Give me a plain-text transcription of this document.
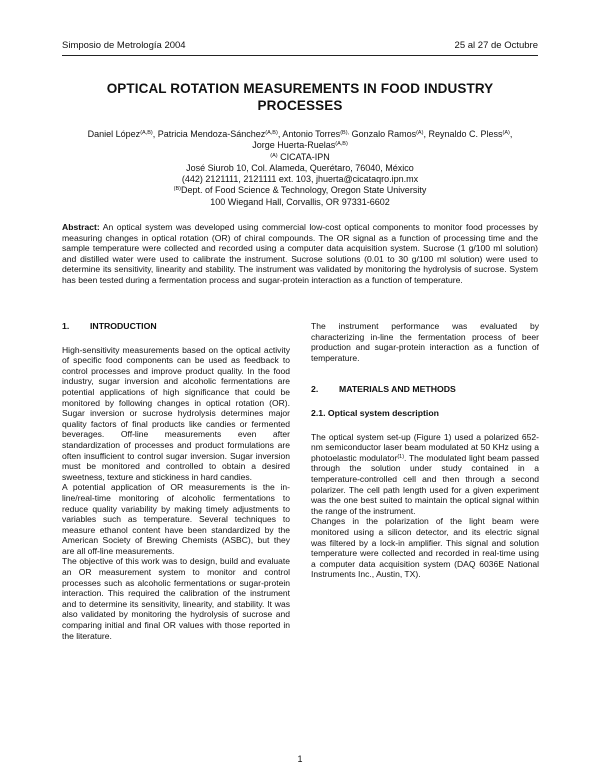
Simposio de Metrología 2004	25 al 27 de Octubre
OPTICAL ROTATION MEASUREMENTS IN FOOD INDUSTRY
PROCESSES
Daniel López$^{(A,B)}$, Patricia Mendoza-Sánchez$^{(A,B)}$, Antonio Torres$^{(B),}$ Gonzalo Ramos$^{(A)}$, Reynaldo C. Pless$^{(A)}$,
Jorge Huerta-Ruelas$^{(A,B)}$
$^{(A)}$ CICATA-IPN
José Siurob 10, Col. Alameda, Querétaro, 76040, México
(442) 2121111, 2121111 ext. 103, jhuerta@cicataqro.ipn.mx
$^{(B)}$Dept. of Food Science & Technology, Oregon State University
100 Wiegand Hall, Corvallis, OR 97331-6602
Abstract: An optical system was developed using commercial low-cost optical components to monitor food processes by measuring changes in optical rotation (OR) of chiral compounds. The OR signal as a function of processing time and the sample temperature were collected and recorded using a computer data acquisition system. Sucrose (1 g/100 ml solution) and distilled water were used to calibrate the instrument. Sucrose solutions (0.01 to 30 g/100 ml solution) were used to determine its sensitivity, linearity and stability. The instrument was validated by monitoring the hydrolysis of sucrose. System has been tested during a fermentation process and sugar-protein interaction as a function of temperature.
1. INTRODUCTION

High-sensitivity measurements based on the optical activity of specific food components can be used as feedback to control processes and improve product quality. In the food industry, sugar inversion and alcoholic fermentations are potential applications of high significance that could be monitored by following changes in optical rotation (OR). Sugar inversion or sucrose hydrolysis determines major quality factors of final products like candies or fermented beverages. Off-line measurements even after standardization of processes and product formulations are often insufficient to control sugar inversion. Sugar inversion must be monitored and controlled to obtain a desired sweetness, texture and stickiness in hard candies.

A potential application of OR measurements is the in-line/real-time monitoring of alcoholic fermentations to reduce quality variability by making timely adjustments to variables such as temperature. Several techniques to measure ethanol content have been standardized by the American Society of Brewing Chemists (ASBC), but they are all off-line measurements.

The objective of this work was to design, build and evaluate an OR measurement system to monitor and control processes such as alcoholic fermentations or sugar-protein interaction. This required the calibration of the instrument and to determine its sensitivity, linearity, and stability. It was also validated by monitoring the hydrolysis of sucrose and comparing initial and final OR values with those reported in the literature.

The instrument performance was evaluated by characterizing in-line the fermentation process of beer production and sugar-protein interaction as a function of temperature.

2. MATERIALS AND METHODS
2.1. Optical system description

The optical system set-up (Figure 1) used a polarized 652-nm semiconductor laser beam modulated at 50 KHz using a photoelastic modulator$^{(1)}$. The modulated light beam passed through the solution under study contained in a temperature-controlled cell and then through a second polarizer. The cell path length used for a given experiment was the one best suited to maintain the optical signal within the range of the instrument.

Changes in the polarization of the light beam were monitored using a silicon detector, and its electric signal was filtered by a lock-in amplifier. This signal and solution temperature were collected and recorded in real-time using a computer data acquisition system (DAQ 6036E National Instruments Inc., Austin, TX).

1
